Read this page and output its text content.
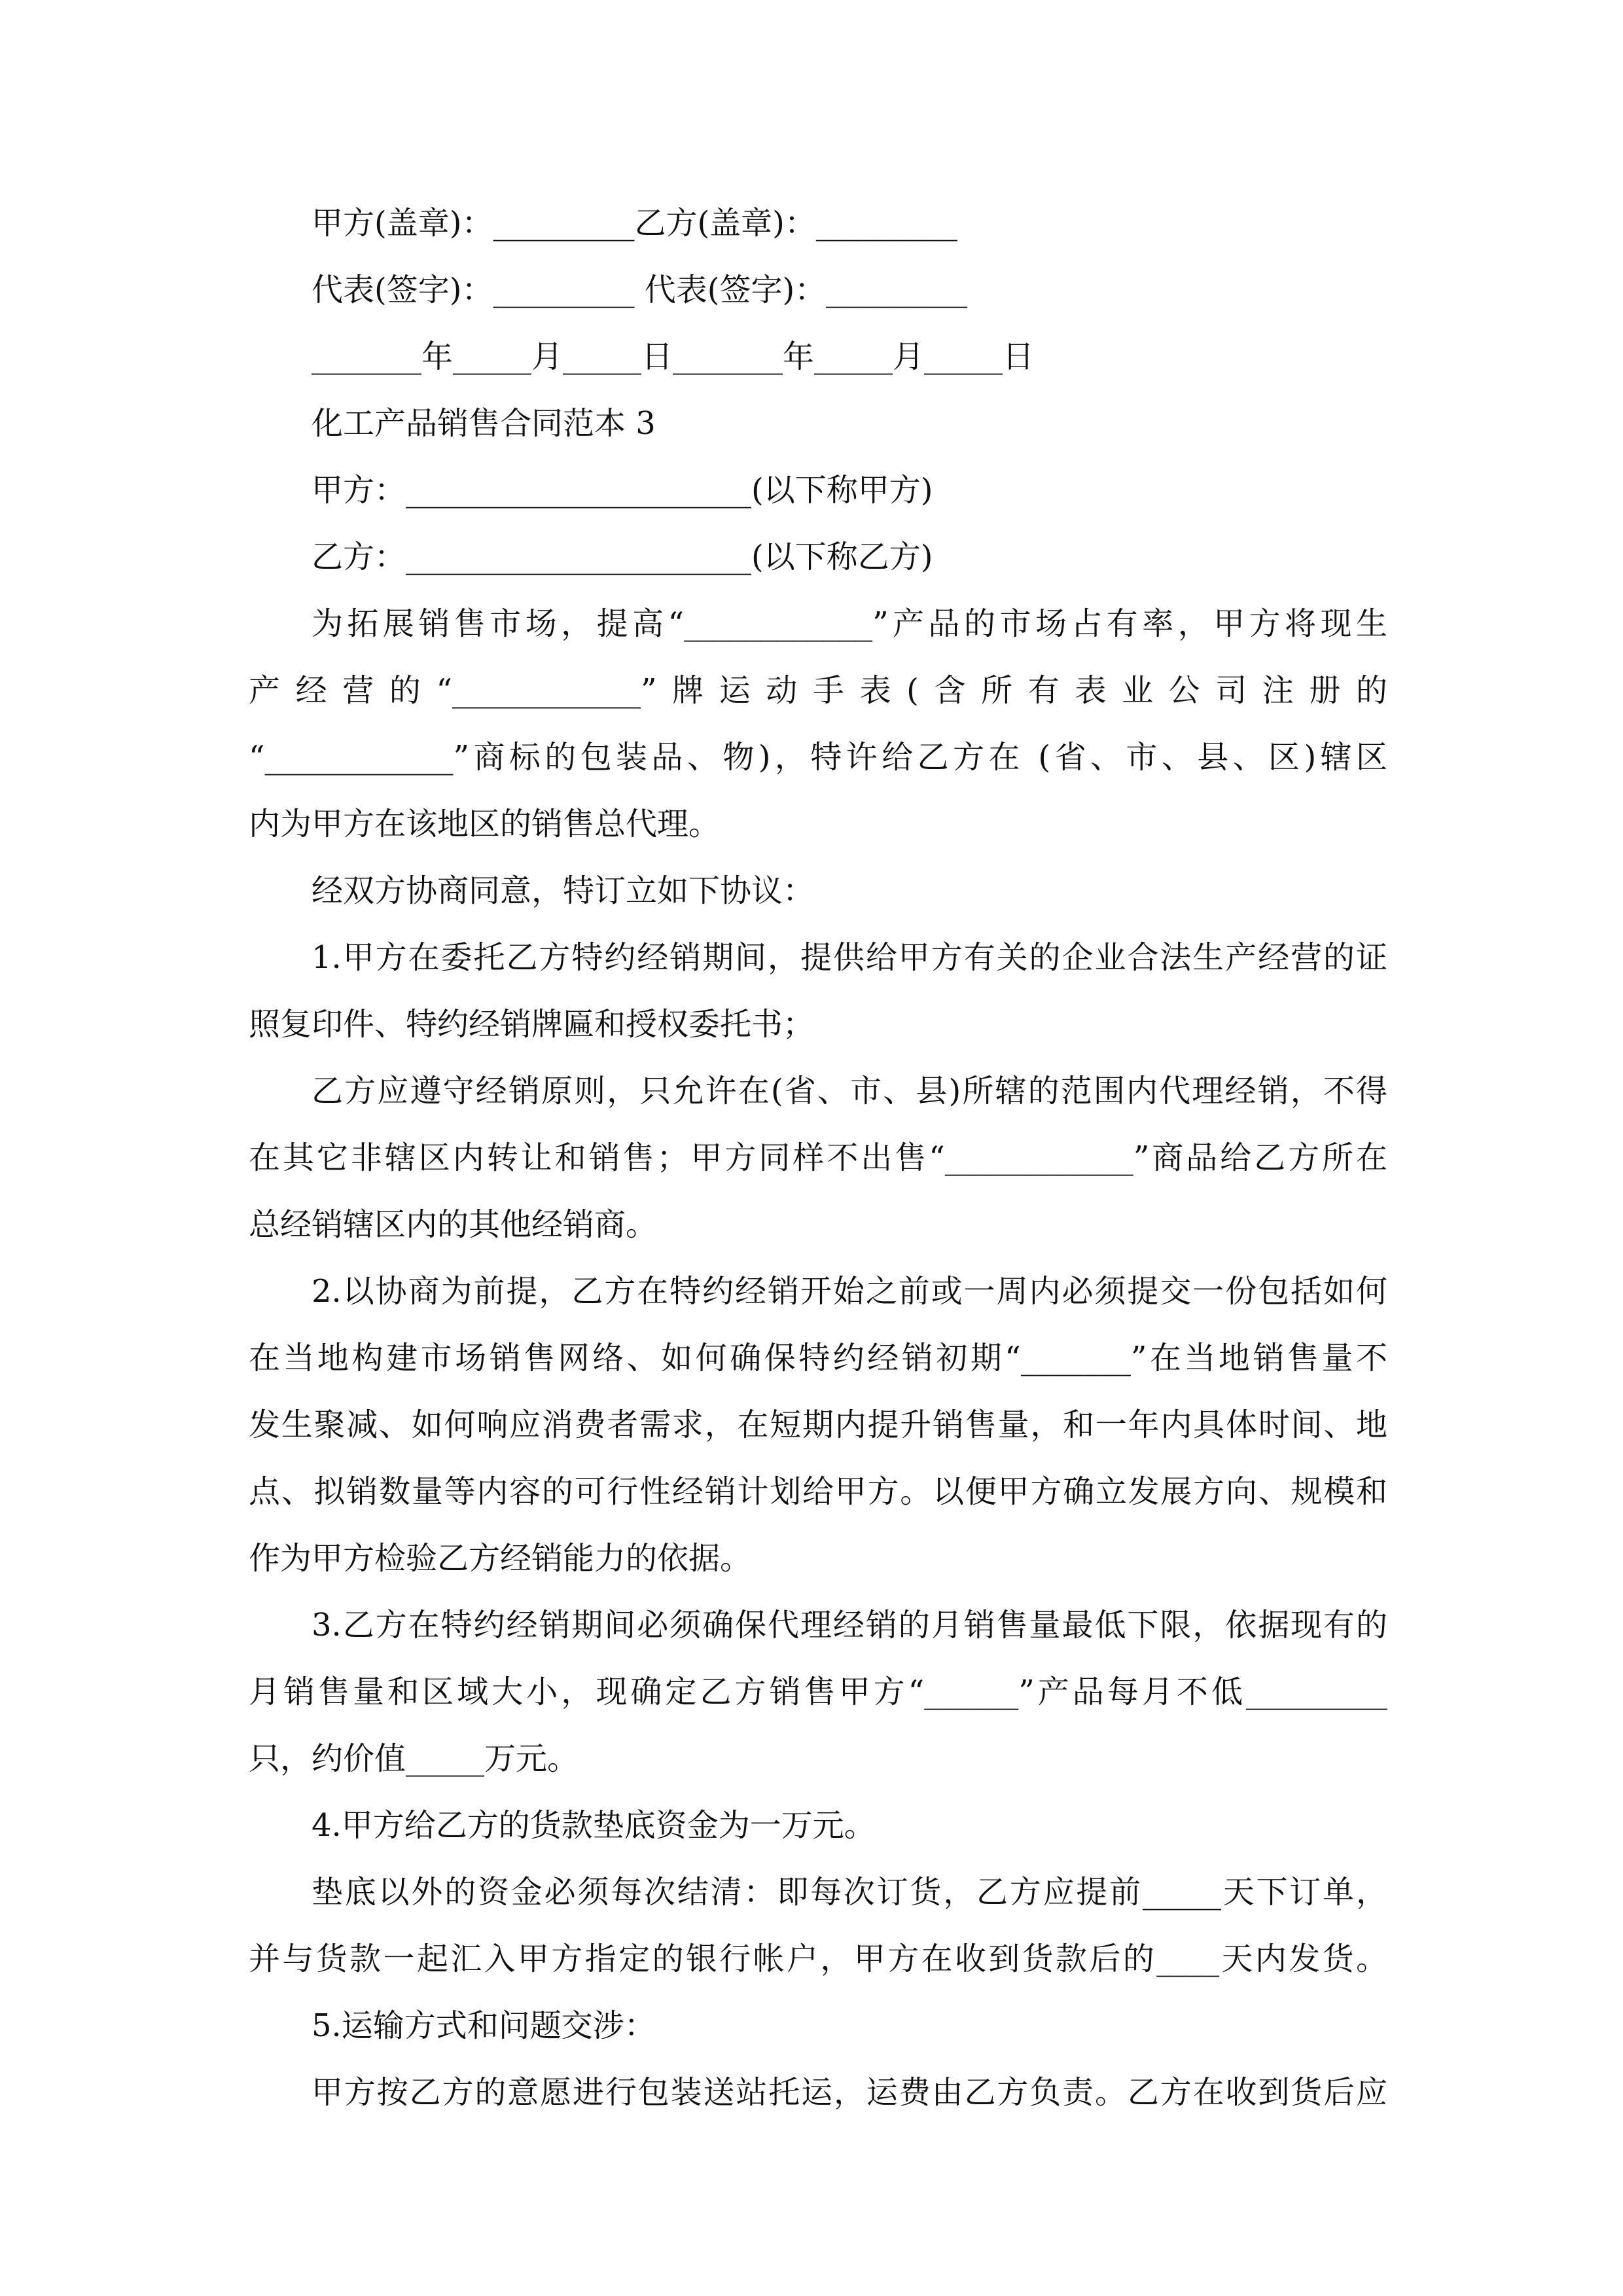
甲方(盖章)：_________乙方(盖章)：_________
代表(签字)：_________ 代表(签字)：_________
_______年_____月_____日_______年_____月_____日
化工产品销售合同范本 3
甲方：______________________(以下称甲方)
乙方：______________________(以下称乙方)
为拓展销售市场，提高“____________”产品的市场占有率，甲方将现生
产经营的“____________”牌运动手表(含所有表业公司注册的
“____________”商标的包装品、物)，特许给乙方在 (省、市、县、区)辖区
内为甲方在该地区的销售总代理。
经双方协商同意，特订立如下协议：
1.甲方在委托乙方特约经销期间，提供给甲方有关的企业合法生产经营的证
照复印件、特约经销牌匾和授权委托书；
乙方应遵守经销原则，只允许在(省、市、县)所辖的范围内代理经销，不得
在其它非辖区内转让和销售；甲方同样不出售“____________”商品给乙方所在
总经销辖区内的其他经销商。
2.以协商为前提，乙方在特约经销开始之前或一周内必须提交一份包括如何
在当地构建市场销售网络、如何确保特约经销初期“_______”在当地销售量不
发生聚减、如何响应消费者需求，在短期内提升销售量，和一年内具体时间、地
点、拟销数量等内容的可行性经销计划给甲方。以便甲方确立发展方向、规模和
作为甲方检验乙方经销能力的依据。
3.乙方在特约经销期间必须确保代理经销的月销售量最低下限，依据现有的
月销售量和区域大小，现确定乙方销售甲方“______”产品每月不低_________
只，约价值_____万元。
4.甲方给乙方的货款垫底资金为一万元。
垫底以外的资金必须每次结清：即每次订货，乙方应提前_____天下订单，
并与货款一起汇入甲方指定的银行帐户，甲方在收到货款后的____天内发货。
5.运输方式和问题交涉：
甲方按乙方的意愿进行包装送站托运，运费由乙方负责。乙方在收到货后应
